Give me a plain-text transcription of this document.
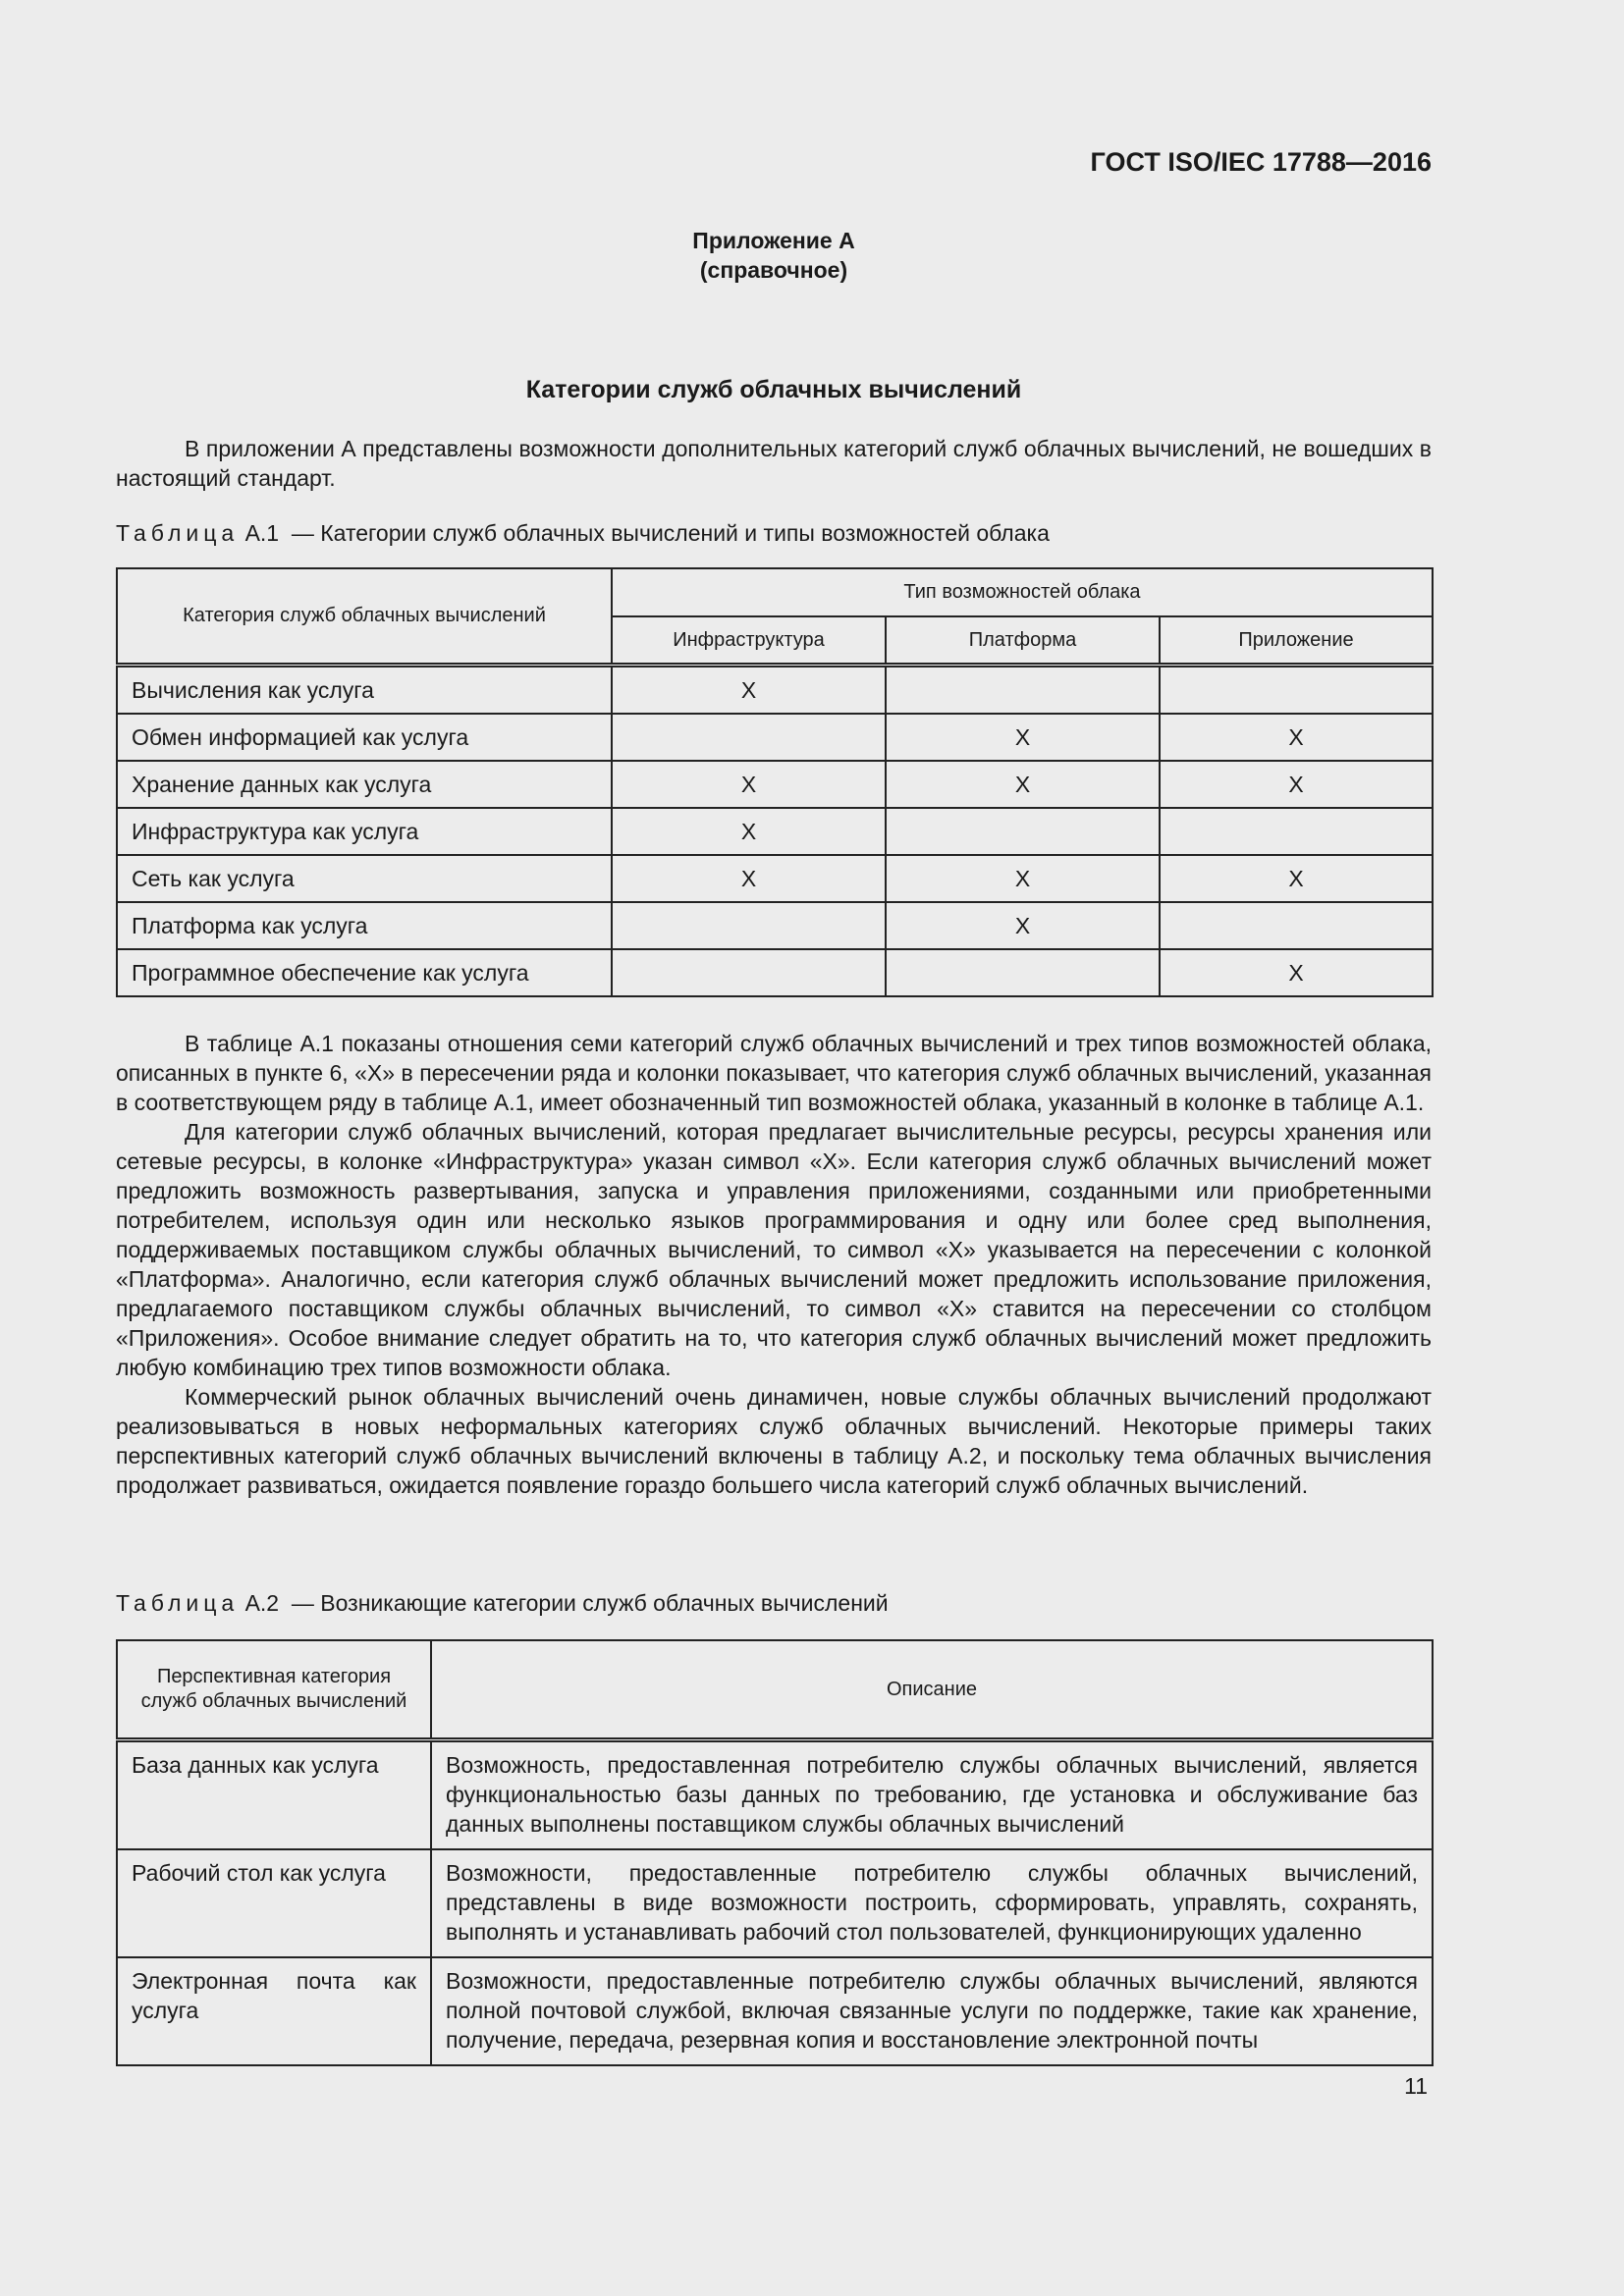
ГОСТ ISO/IEC 17788—2016
Приложение А
(справочное)
Категории служб облачных вычислений

В приложении А представлены возможности дополнительных категорий служб облачных вычислений, не вошедших в настоящий стандарт.

Таблица А.1 — Категории служб облачных вычислений и типы возможностей облака
Категория служб облачных вычислений	Тип возможностей облака		
	Инфраструктура	Платформа	Приложение
Вычисления как услуга	X		
Обмен информацией как услуга		X	X
Хранение данных как услуга	X	X	X
Инфраструктура как услуга	X		
Сеть как услуга	X	X	X
Платформа как услуга		X	
Программное обеспечение как услуга			X

В таблице А.1 показаны отношения семи категорий служб облачных вычислений и трех типов возможностей облака, описанных в пункте 6, «Х» в пересечении ряда и колонки показывает, что категория служб облачных вычислений, указанная в соответствующем ряду в таблице А.1, имеет обозначенный тип возможностей облака, указанный в колонке в таблице А.1.

Для категории служб облачных вычислений, которая предлагает вычислительные ресурсы, ресурсы хранения или сетевые ресурсы, в колонке «Инфраструктура» указан символ «Х». Если категория служб облачных вычислений может предложить возможность развертывания, запуска и управления приложениями, созданными или приобретенными потребителем, используя один или несколько языков программирования и одну или более сред выполнения, поддерживаемых поставщиком службы облачных вычислений, то символ «Х» указывается на пересечении с колонкой «Платформа». Аналогично, если категория служб облачных вычислений может предложить использование приложения, предлагаемого поставщиком службы облачных вычислений, то символ «Х» ставится на пересечении со столбцом «Приложения». Особое внимание следует обратить на то, что категория служб облачных вычислений может предложить любую комбинацию трех типов возможности облака.

Коммерческий рынок облачных вычислений очень динамичен, новые службы облачных вычислений продолжают реализовываться в новых неформальных категориях служб облачных вычислений. Некоторые примеры таких перспективных категорий служб облачных вычислений включены в таблицу А.2, и поскольку тема облачных вычисления продолжает развиваться, ожидается появление гораздо большего числа категорий служб облачных вычислений.

Таблица А.2 — Возникающие категории служб облачных вычислений
Перспективная категория служб облачных вычислений	Описание
База данных как услуга	Возможность, предоставленная потребителю службы облачных вычислений, является функциональностью базы данных по требованию, где установка и обслуживание баз данных выполнены поставщиком службы облачных вычислений
Рабочий стол как услуга	Возможности, предоставленные потребителю службы облачных вычислений, представлены в виде возможности построить, сформировать, управлять, сохранять, выполнять и устанавливать рабочий стол пользователей, функционирующих удаленно
Электронная почта как услуга	Возможности, предоставленные потребителю службы облачных вычислений, являются полной почтовой службой, включая связанные услуги по поддержке, такие как хранение, получение, передача, резервная копия и восстановление электронной почты
11
